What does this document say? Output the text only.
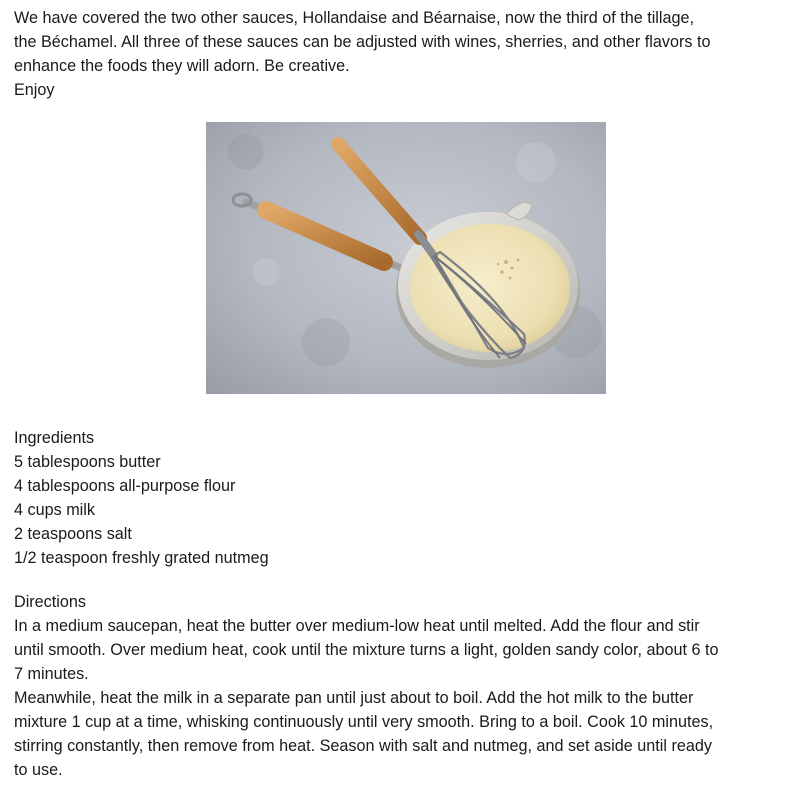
We have covered the two other sauces, Hollandaise and Béarnaise, now the third of the tillage,
the Béchamel. All three of these sauces can be adjusted with wines, sherries, and other flavors to
enhance the foods they will adorn. Be creative.
Enjoy
Ingredients
5 tablespoons butter
4 tablespoons all-purpose flour
4 cups milk
2 teaspoons salt
1/2 teaspoon freshly grated nutmeg
Directions
In a medium saucepan, heat the butter over medium-low heat until melted. Add the flour and stir
until smooth. Over medium heat, cook until the mixture turns a light, golden sandy color, about 6 to
7 minutes.
Meanwhile, heat the milk in a separate pan until just about to boil. Add the hot milk to the butter
mixture 1 cup at a time, whisking continuously until very smooth. Bring to a boil. Cook 10 minutes,
stirring constantly, then remove from heat. Season with salt and nutmeg, and set aside until ready
to use.
